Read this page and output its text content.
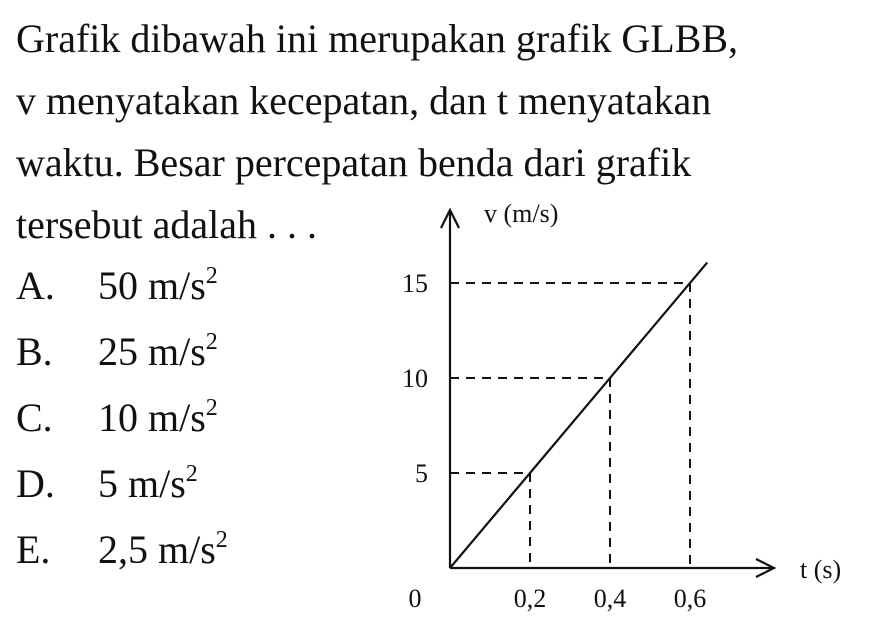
Grafik dibawah ini merupakan grafik GLBB,
v menyatakan kecepatan, dan t menyatakan
waktu. Besar percepatan benda dari grafik
tersebut adalah . . .
A. 50 $m/s^2$
B. 25 $m/s^2$
C. 10 $m/s^2$
D. 5 $m/s^2$
E. 2,5 $m/s^2$
v (m/s)
t (s)
0
5
10
15
0,2 0,4 0,6
